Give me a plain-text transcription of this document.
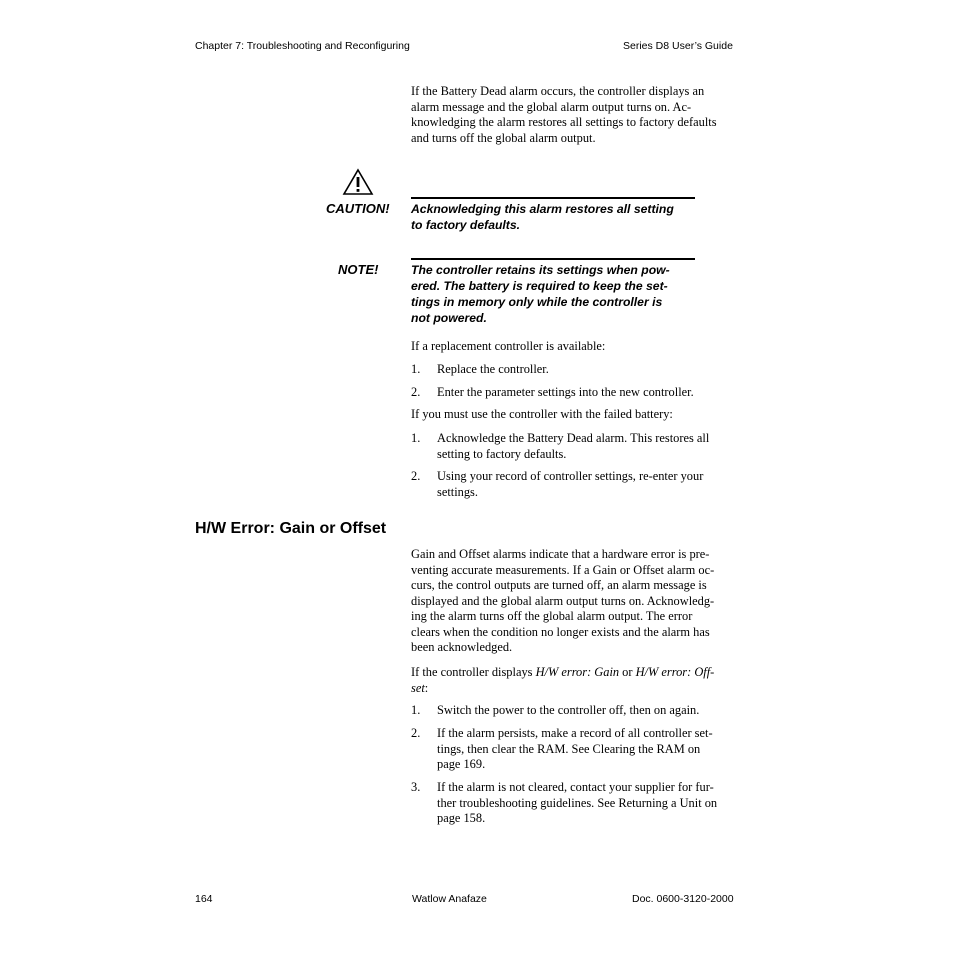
Chapter 7: Troubleshooting and Reconfiguring	Series D8 User’s Guide
If the Battery Dead alarm occurs, the controller displays an
alarm message and the global alarm output turns on. Ac-
knowledging the alarm restores all settings to factory defaults
and turns off the global alarm output.
CAUTION! Acknowledging this alarm restores all setting
to factory defaults.
NOTE!	The controller retains its settings when pow-
ered. The battery is required to keep the set-
tings in memory only while the controller is
not powered.
If a replacement controller is available:
1. Replace the controller.
2. Enter the parameter settings into the new controller.
If you must use the controller with the failed battery:
1. Acknowledge the Battery Dead alarm. This restores all
setting to factory defaults.
2. Using your record of controller settings, re-enter your
settings.
H/W Error: Gain or Offset
Gain and Offset alarms indicate that a hardware error is pre-
venting accurate measurements. If a Gain or Offset alarm oc-
curs, the control outputs are turned off, an alarm message is
displayed and the global alarm output turns on. Acknowledg-
ing the alarm turns off the global alarm output. The error
clears when the condition no longer exists and the alarm has
been acknowledged.
If the controller displays H/W error: Gain or H/W error: Off-
set:
1. Switch the power to the controller off, then on again.
2. If the alarm persists, make a record of all controller set-
tings, then clear the RAM. See Clearing the RAM on
page 169.
3. If the alarm is not cleared, contact your supplier for fur-
ther troubleshooting guidelines. See Returning a Unit on
page 158.
164	Watlow Anafaze	Doc. 0600-3120-2000
